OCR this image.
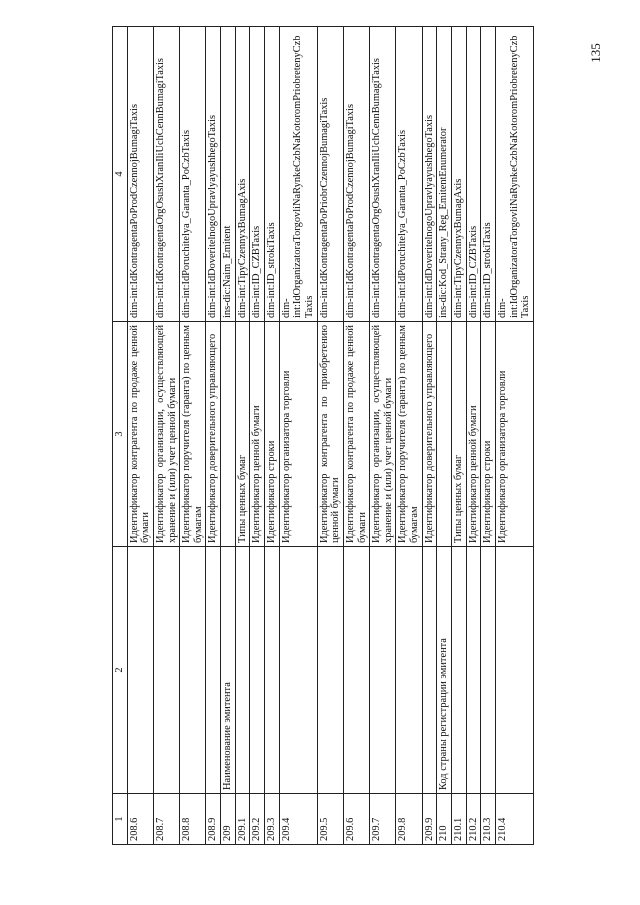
135
1	2	3	4
208.6		Идентификатор контрагента по продаже ценной бумаги	dim-int:IdKontragentaPoProdCzennojBumagiTaxis
208.7		Идентификатор организации, осуществляющей хранение и (или) учет ценной бумаги	dim-int:IdKontragentaOrgOsushXranIliUchCennBumagiTaxis
208.8		Идентификатор поручителя (гаранта) по ценным бумагам	dim-int:IdPoruchitelya_Garanta_PoCzbTaxis
208.9		Идентификатор доверительного управляющего	dim-int:IdDoveritelnogoUpravlyayushhegoTaxis
209	Наименование эмитента		ins-dic:Naim_Emitent
209.1		Типы ценных бумаг	dim-int:TipyCzennyxBumagAxis
209.2		Идентификатор ценной бумаги	dim-int:ID_CZBTaxis
209.3		Идентификатор строки	dim-int:ID_strokiTaxis
209.4		Идентификатор организатора торговли	dim-int:IdOrganizatoraTorgovliNaRynkeCzbNaKotoromPriobretenyCzbTaxis
209.5		Идентификатор контрагента по приобретению ценной бумаги	dim-int:IdKontragentaPoPriobrCzennojBumagiTaxis
209.6		Идентификатор контрагента по продаже ценной бумаги	dim-int:IdKontragentaPoProdCzennojBumagiTaxis
209.7		Идентификатор организации, осуществляющей хранение и (или) учет ценной бумаги	dim-int:IdKontragentaOrgOsushXranIliUchCennBumagiTaxis
209.8		Идентификатор поручителя (гаранта) по ценным бумагам	dim-int:IdPoruchitelya_Garanta_PoCzbTaxis
209.9		Идентификатор доверительного управляющего	dim-int:IdDoveritelnogoUpravlyayushhegoTaxis
210	Код страны регистрации эмитента		ins-dic:Kod_Strany_Reg_EmitentEnumerator
210.1		Типы ценных бумаг	dim-int:TipyCzennyxBumagAxis
210.2		Идентификатор ценной бумаги	dim-int:ID_CZBTaxis
210.3		Идентификатор строки	dim-int:ID_strokiTaxis
210.4		Идентификатор организатора торговли	dim-int:IdOrganizatoraTorgovliNaRynkeCzbNaKotoromPriobretenyCzbTaxis
